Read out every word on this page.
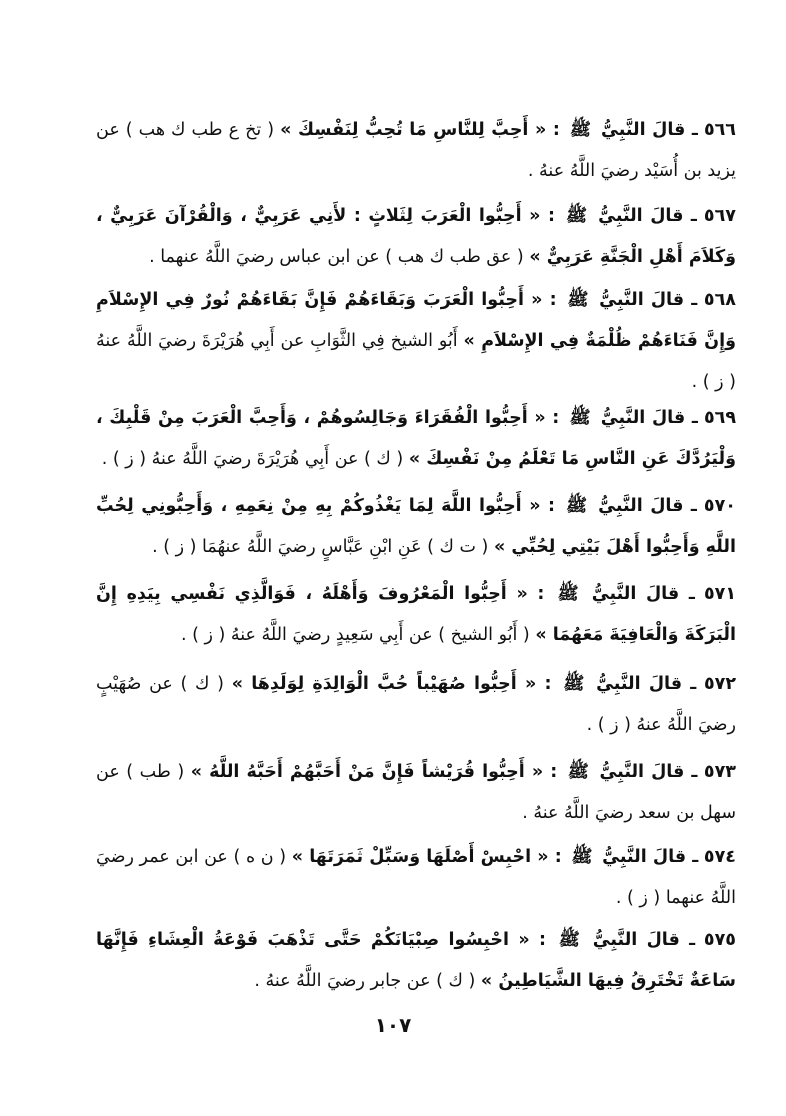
٥٦٦ ـ قالَ النَّبِيُّ ﷺ : « أَحِبَّ لِلنَّاسِ مَا تُحِبُّ لِنَفْسِكَ » ( تخ ع طب ك هب ) عن يزيد بن أُسَيْد رضيَ اللَّهُ عنهُ .

٥٦٧ ـ قالَ النَّبِيُّ ﷺ : « أَحِبُّوا الْعَرَبَ لِثَلاثٍ : لأَنِي عَرَبِيٌّ ، وَالْقُرْآنَ عَرَبِيٌّ ، وَكَلاَمَ أَهْلِ الْجَنَّةِ عَرَبِيٌّ » ( عق طب ك هب ) عن ابن عباس رضيَ اللَّهُ عنهما .

٥٦٨ ـ قالَ النَّبِيُّ ﷺ : « أَحِبُّوا الْعَرَبَ وَبَقَاءَهُمْ فَإِنَّ بَقَاءَهُمْ نُورٌ فِي الإِسْلاَمِ وَإِنَّ فَنَاءَهُمْ ظُلْمَةٌ فِي الإِسْلاَمِ » أَبُو الشيخ فِي الثَّوَابِ عن أَبِي هُرَيْرَةَ رضيَ اللَّهُ عنهُ ( ز ) .

٥٦٩ ـ قالَ النَّبِيُّ ﷺ : « أَحِبُّوا الْفُقَرَاءَ وَجَالِسُوهُمْ ، وَأَحِبَّ الْعَرَبَ مِنْ قَلْبِكَ ، وَلْيَرُدَّكَ عَنِ النَّاسِ مَا تَعْلَمُ مِنْ نَفْسِكَ » ( ك ) عن أَبِي هُرَيْرَةَ رضيَ اللَّهُ عنهُ ( ز ) .

٥٧٠ ـ قالَ النَّبِيُّ ﷺ : « أَحِبُّوا اللَّهَ لِمَا يَغْذُوكُمْ بِهِ مِنْ نِعَمِهِ ، وَأَحِبُّونِي لِحُبِّ اللَّهِ وَأَحِبُّوا أَهْلَ بَيْتِي لِحُبِّي » ( ت ك ) عَنِ ابْنِ عَبَّاسٍ رضيَ اللَّهُ عنهُمَا ( ز ) .

٥٧١ ـ قالَ النَّبِيُّ ﷺ : « أَحِبُّوا الْمَعْرُوفَ وَأَهْلَهُ ، فَوَالَّذِي نَفْسِي بِيَدِهِ إِنَّ الْبَرَكَةَ وَالْعَافِيَةَ مَعَهُمَا » ( أَبُو الشيخ ) عن أَبِي سَعِيدٍ رضيَ اللَّهُ عنهُ ( ز ) .

٥٧٢ ـ قالَ النَّبِيُّ ﷺ : « أَحِبُّوا صُهَيْباً حُبَّ الْوَالِدَةِ لِوَلَدِهَا » ( ك ) عن صُهَيْبٍ رضيَ اللَّهُ عنهُ ( ز ) .

٥٧٣ ـ قالَ النَّبِيُّ ﷺ : « أَحِبُّوا قُرَيْشاً فَإِنَّ مَنْ أَحَبَّهُمْ أَحَبَّهُ اللَّهُ » ( طب ) عن سهل بن سعد رضيَ اللَّهُ عنهُ .

٥٧٤ ـ قالَ النَّبِيُّ ﷺ : « احْبِسْ أَصْلَهَا وَسَبِّلْ ثَمَرَتَهَا » ( ن ه ) عن ابن عمر رضيَ اللَّهُ عنهما ( ز ) .

٥٧٥ ـ قالَ النَّبِيُّ ﷺ : « احْبِسُوا صِبْيَانَكُمْ حَتَّى تَذْهَبَ فَوْعَةُ الْعِشَاءِ فَإِنَّهَا سَاعَةٌ تَخْتَرِقُ فِيهَا الشَّيَاطِينُ » ( ك ) عن جابر رضيَ اللَّهُ عنهُ .

١٠٧
